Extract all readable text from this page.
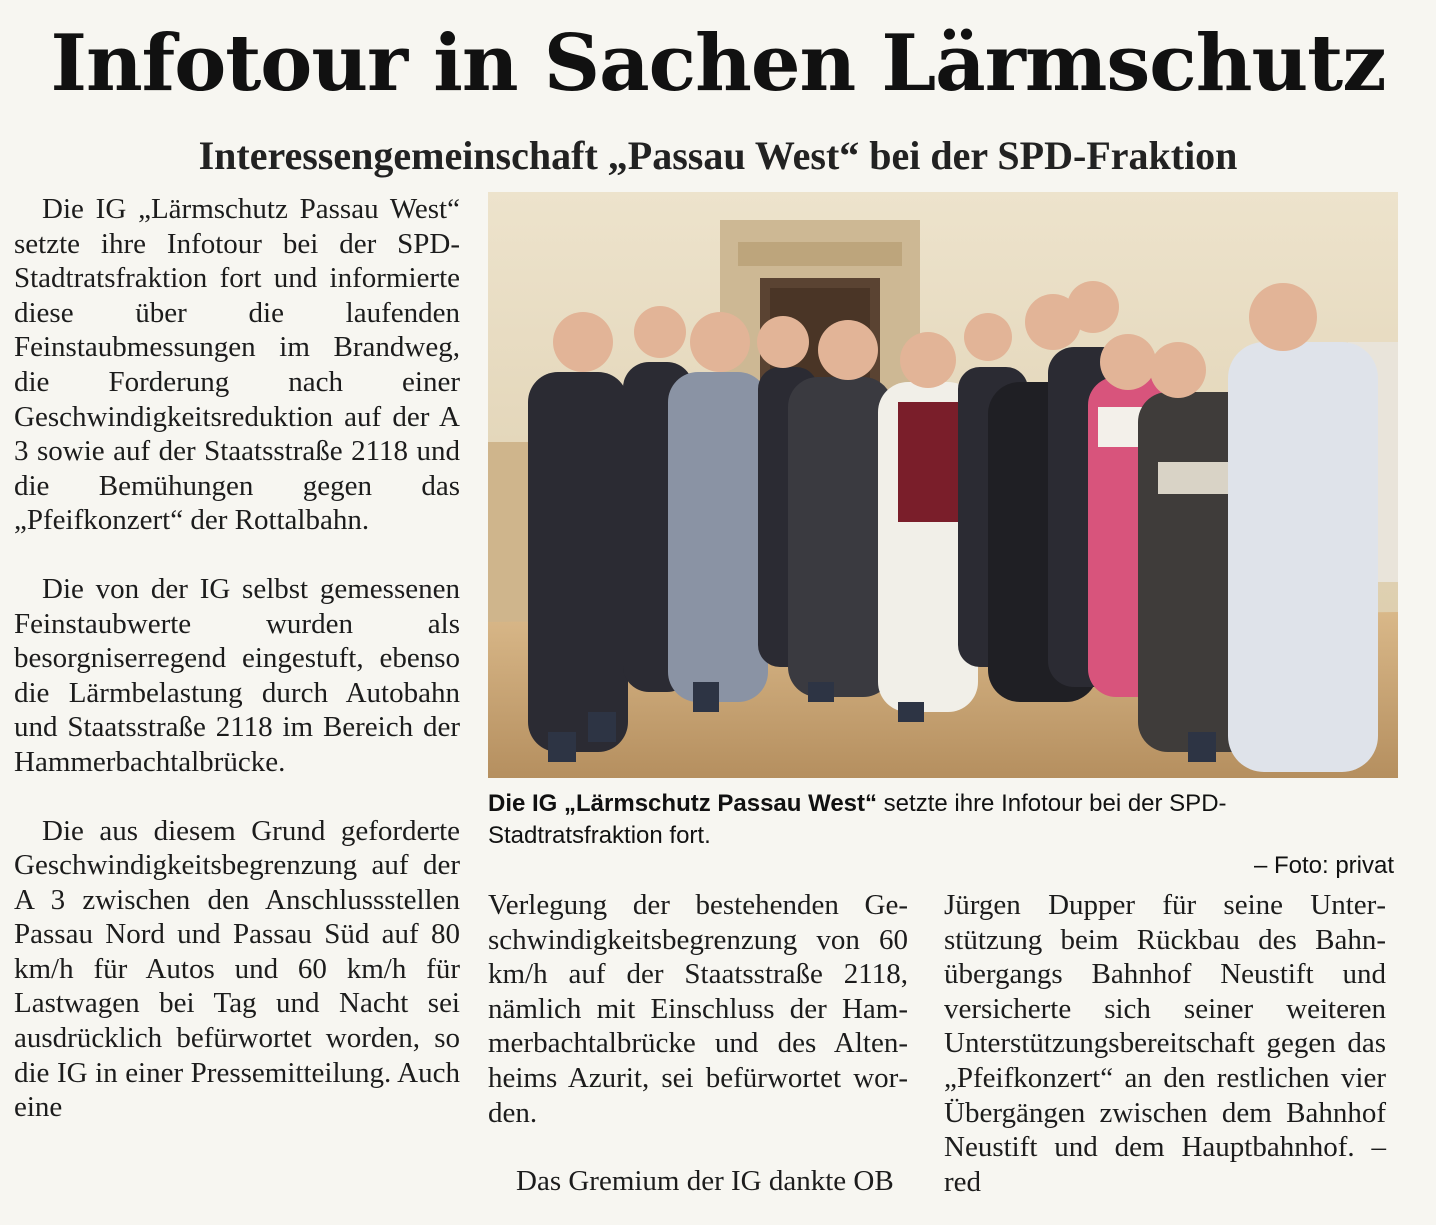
Infotour in Sachen Lärmschutz
Interessengemeinschaft „Passau West“ bei der SPD-Fraktion

Die IG „Lärmschutz Passau West“ setzte ihre Infotour bei der SPD-Stadtratsfraktion fort und informierte diese über die laufenden Feinstaubmessungen im Brandweg, die Forderung nach einer Geschwindigkeitsreduktion auf der A 3 sowie auf der Staatsstraße 2118 und die Bemühungen gegen das „Pfeifkonzert“ der Rottalbahn.

Die von der IG selbst gemessenen Feinstaubwerte wurden als besorgniserregend eingestuft, ebenso die Lärmbelastung durch Autobahn und Staatsstraße 2118 im Bereich der Hammerbachtalbrücke.

Die aus diesem Grund geforderte Geschwindigkeitsbegrenzung auf der A 3 zwischen den Anschlussstellen Passau Nord und Passau Süd auf 80 km/h für Autos und 60 km/h für Lastwagen bei Tag und Nacht sei ausdrücklich befürwortet worden, so die IG in einer Pressemitteilung. Auch eine

Die IG „Lärmschutz Passau West“ setzte ihre Infotour bei der SPD-Stadtratsfraktion fort.
– Foto: privat

Verlegung der bestehenden Geschwindigkeitsbegrenzung von 60 km/h auf der Staatsstraße 2118, nämlich mit Einschluss der Hammerbachtalbrücke und des Altenheims Azurit, sei befürwortet worden.

Das Gremium der IG dankte OB

Jürgen Dupper für seine Unterstützung beim Rückbau des Bahnübergangs Bahnhof Neustift und versicherte sich seiner weiteren Unterstützungsbereitschaft gegen das „Pfeifkonzert“ an den restlichen vier Übergängen zwischen dem Bahnhof Neustift und dem Hauptbahnhof. – red
